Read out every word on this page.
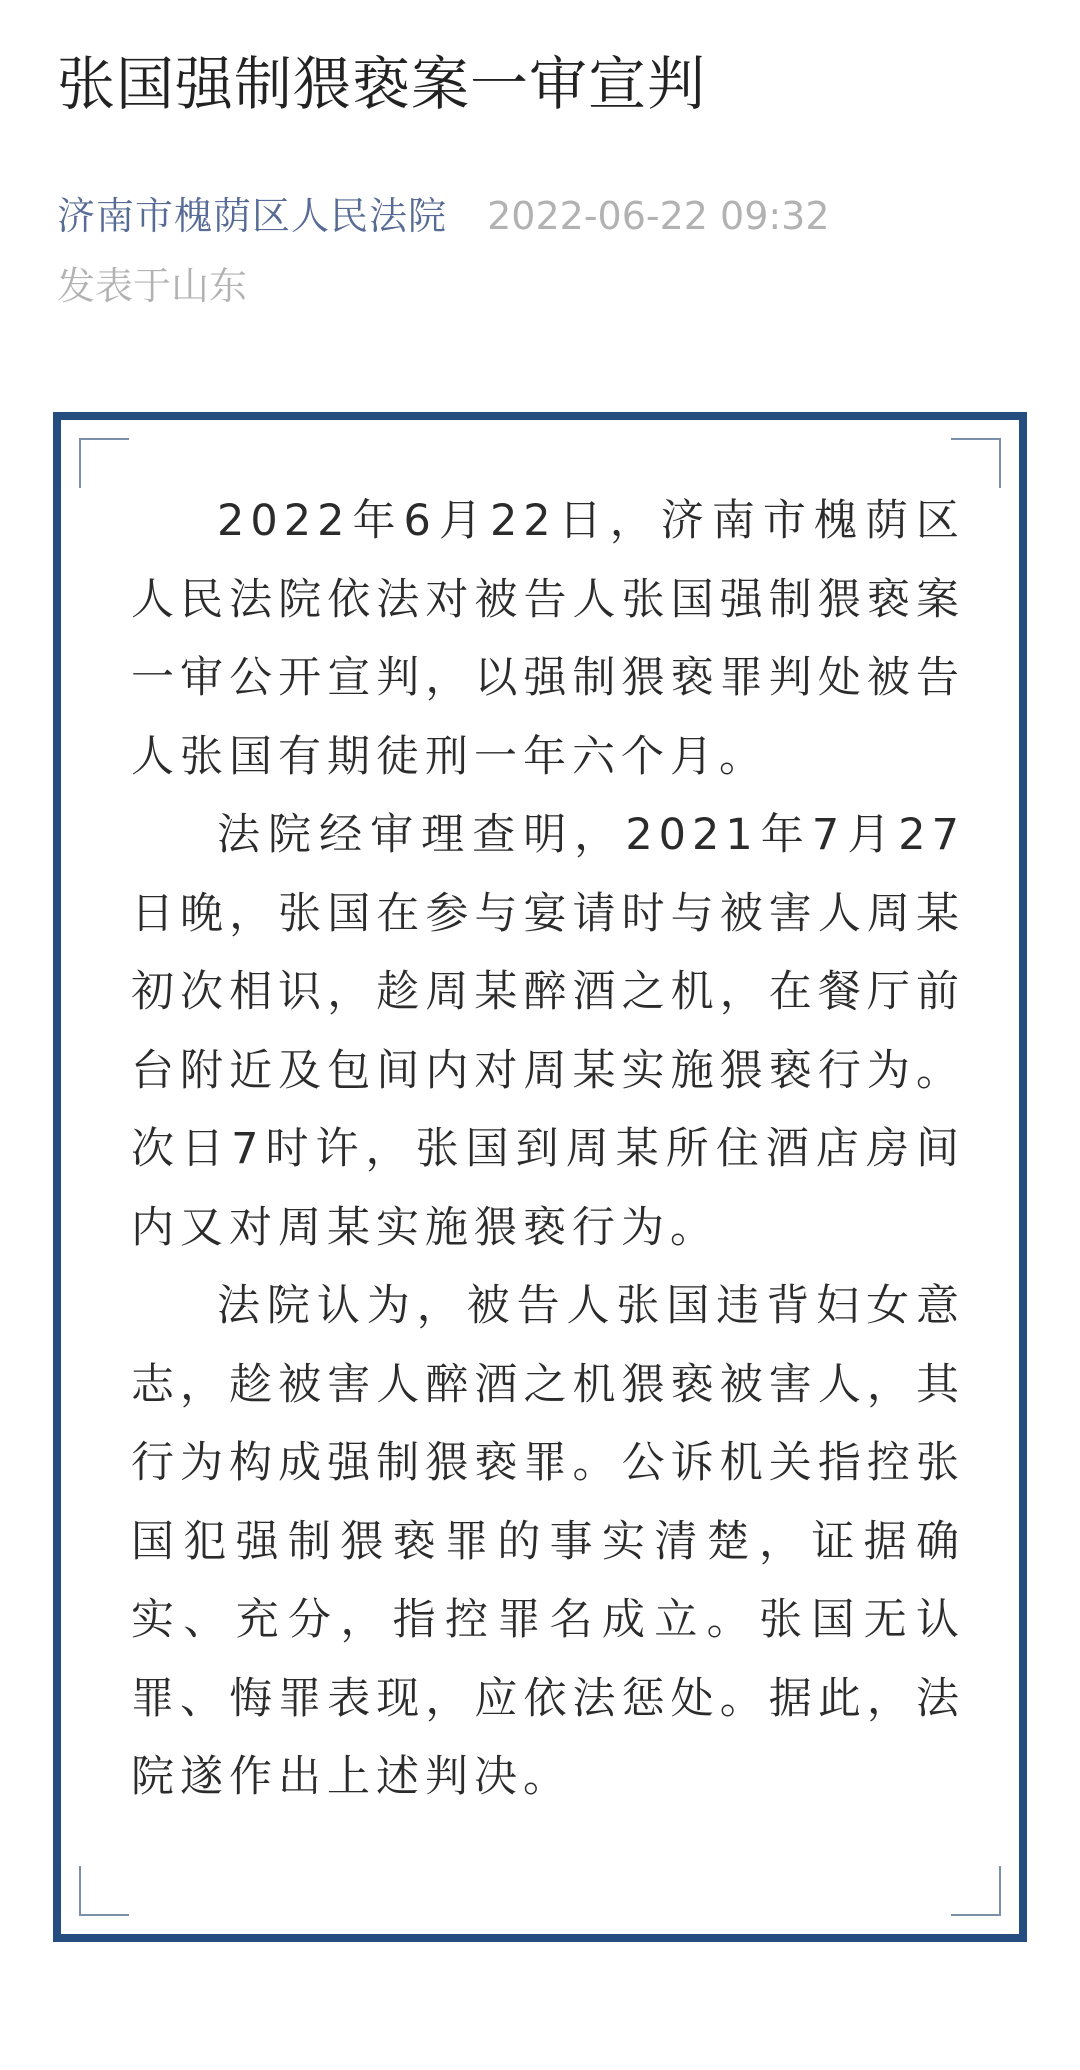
张国强制猥亵案一审宣判
济南市槐荫区人民法院 2022-06-22 09:32
发表于山东

2022年6月22日，济南市槐荫区人民法院依法对被告人张国强制猥亵案一审公开宣判，以强制猥亵罪判处被告人张国有期徒刑一年六个月。

法院经审理查明，2021年7月27日晚，张国在参与宴请时与被害人周某初次相识，趁周某醉酒之机，在餐厅前台附近及包间内对周某实施猥亵行为。次日7时许，张国到周某所住酒店房间内又对周某实施猥亵行为。

法院认为，被告人张国违背妇女意志，趁被害人醉酒之机猥亵被害人，其行为构成强制猥亵罪。公诉机关指控张国犯强制猥亵罪的事实清楚，证据确实、充分，指控罪名成立。张国无认罪、悔罪表现，应依法惩处。据此，法院遂作出上述判决。
